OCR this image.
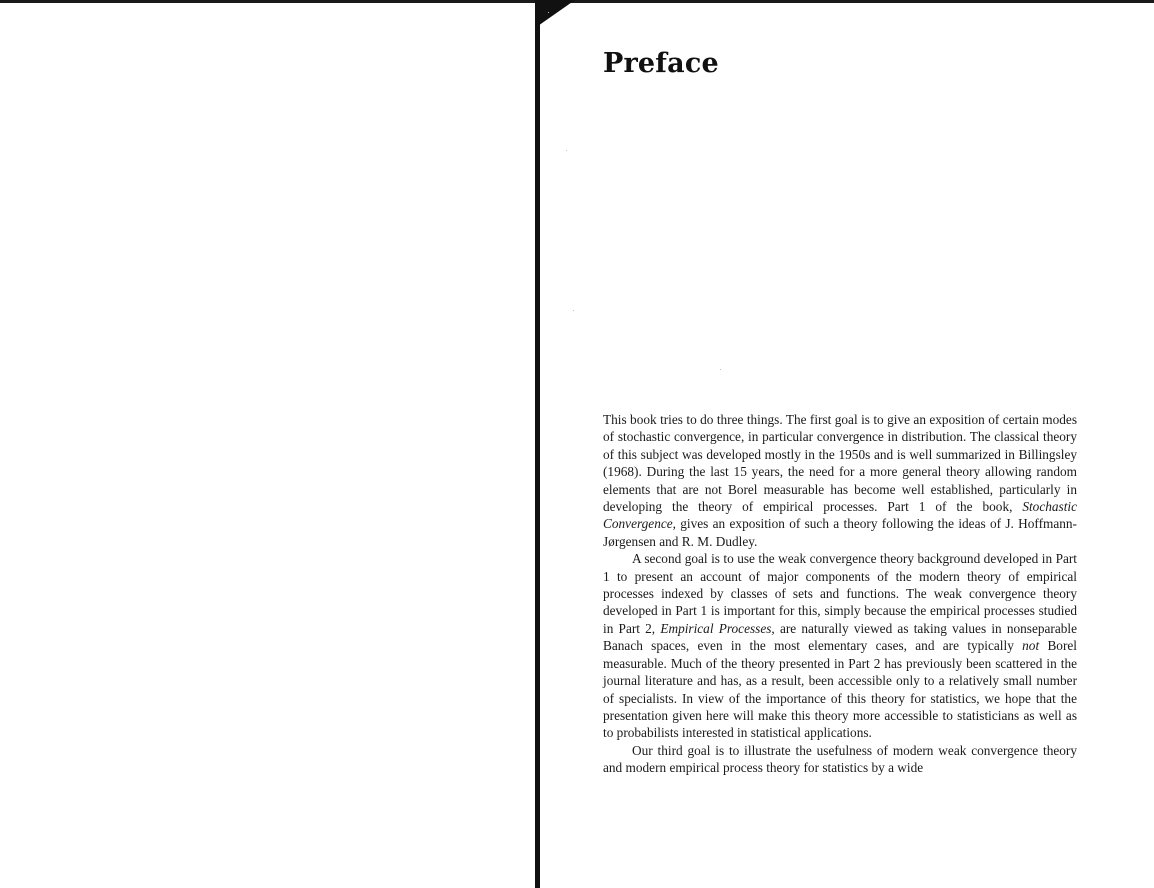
Preface

This book tries to do three things. The first goal is to give an exposition of certain modes of stochastic convergence, in particular convergence in distribution. The classical theory of this subject was developed mostly in the 1950s and is well summarized in Billingsley (1968). During the last 15 years, the need for a more general theory allowing random elements that are not Borel measurable has become well established, particularly in developing the theory of empirical processes. Part 1 of the book, Stochastic Convergence, gives an exposition of such a theory following the ideas of J. Hoffmann-Jørgensen and R. M. Dudley.

A second goal is to use the weak convergence theory background developed in Part 1 to present an account of major components of the modern theory of empirical processes indexed by classes of sets and functions. The weak convergence theory developed in Part 1 is important for this, simply because the empirical processes studied in Part 2, Empirical Processes, are naturally viewed as taking values in nonseparable Banach spaces, even in the most elementary cases, and are typically not Borel measurable. Much of the theory presented in Part 2 has previously been scattered in the journal literature and has, as a result, been accessible only to a relatively small number of specialists. In view of the importance of this theory for statistics, we hope that the presentation given here will make this theory more accessible to statisticians as well as to probabilists interested in statistical applications.

Our third goal is to illustrate the usefulness of modern weak convergence theory and modern empirical process theory for statistics by a wide
